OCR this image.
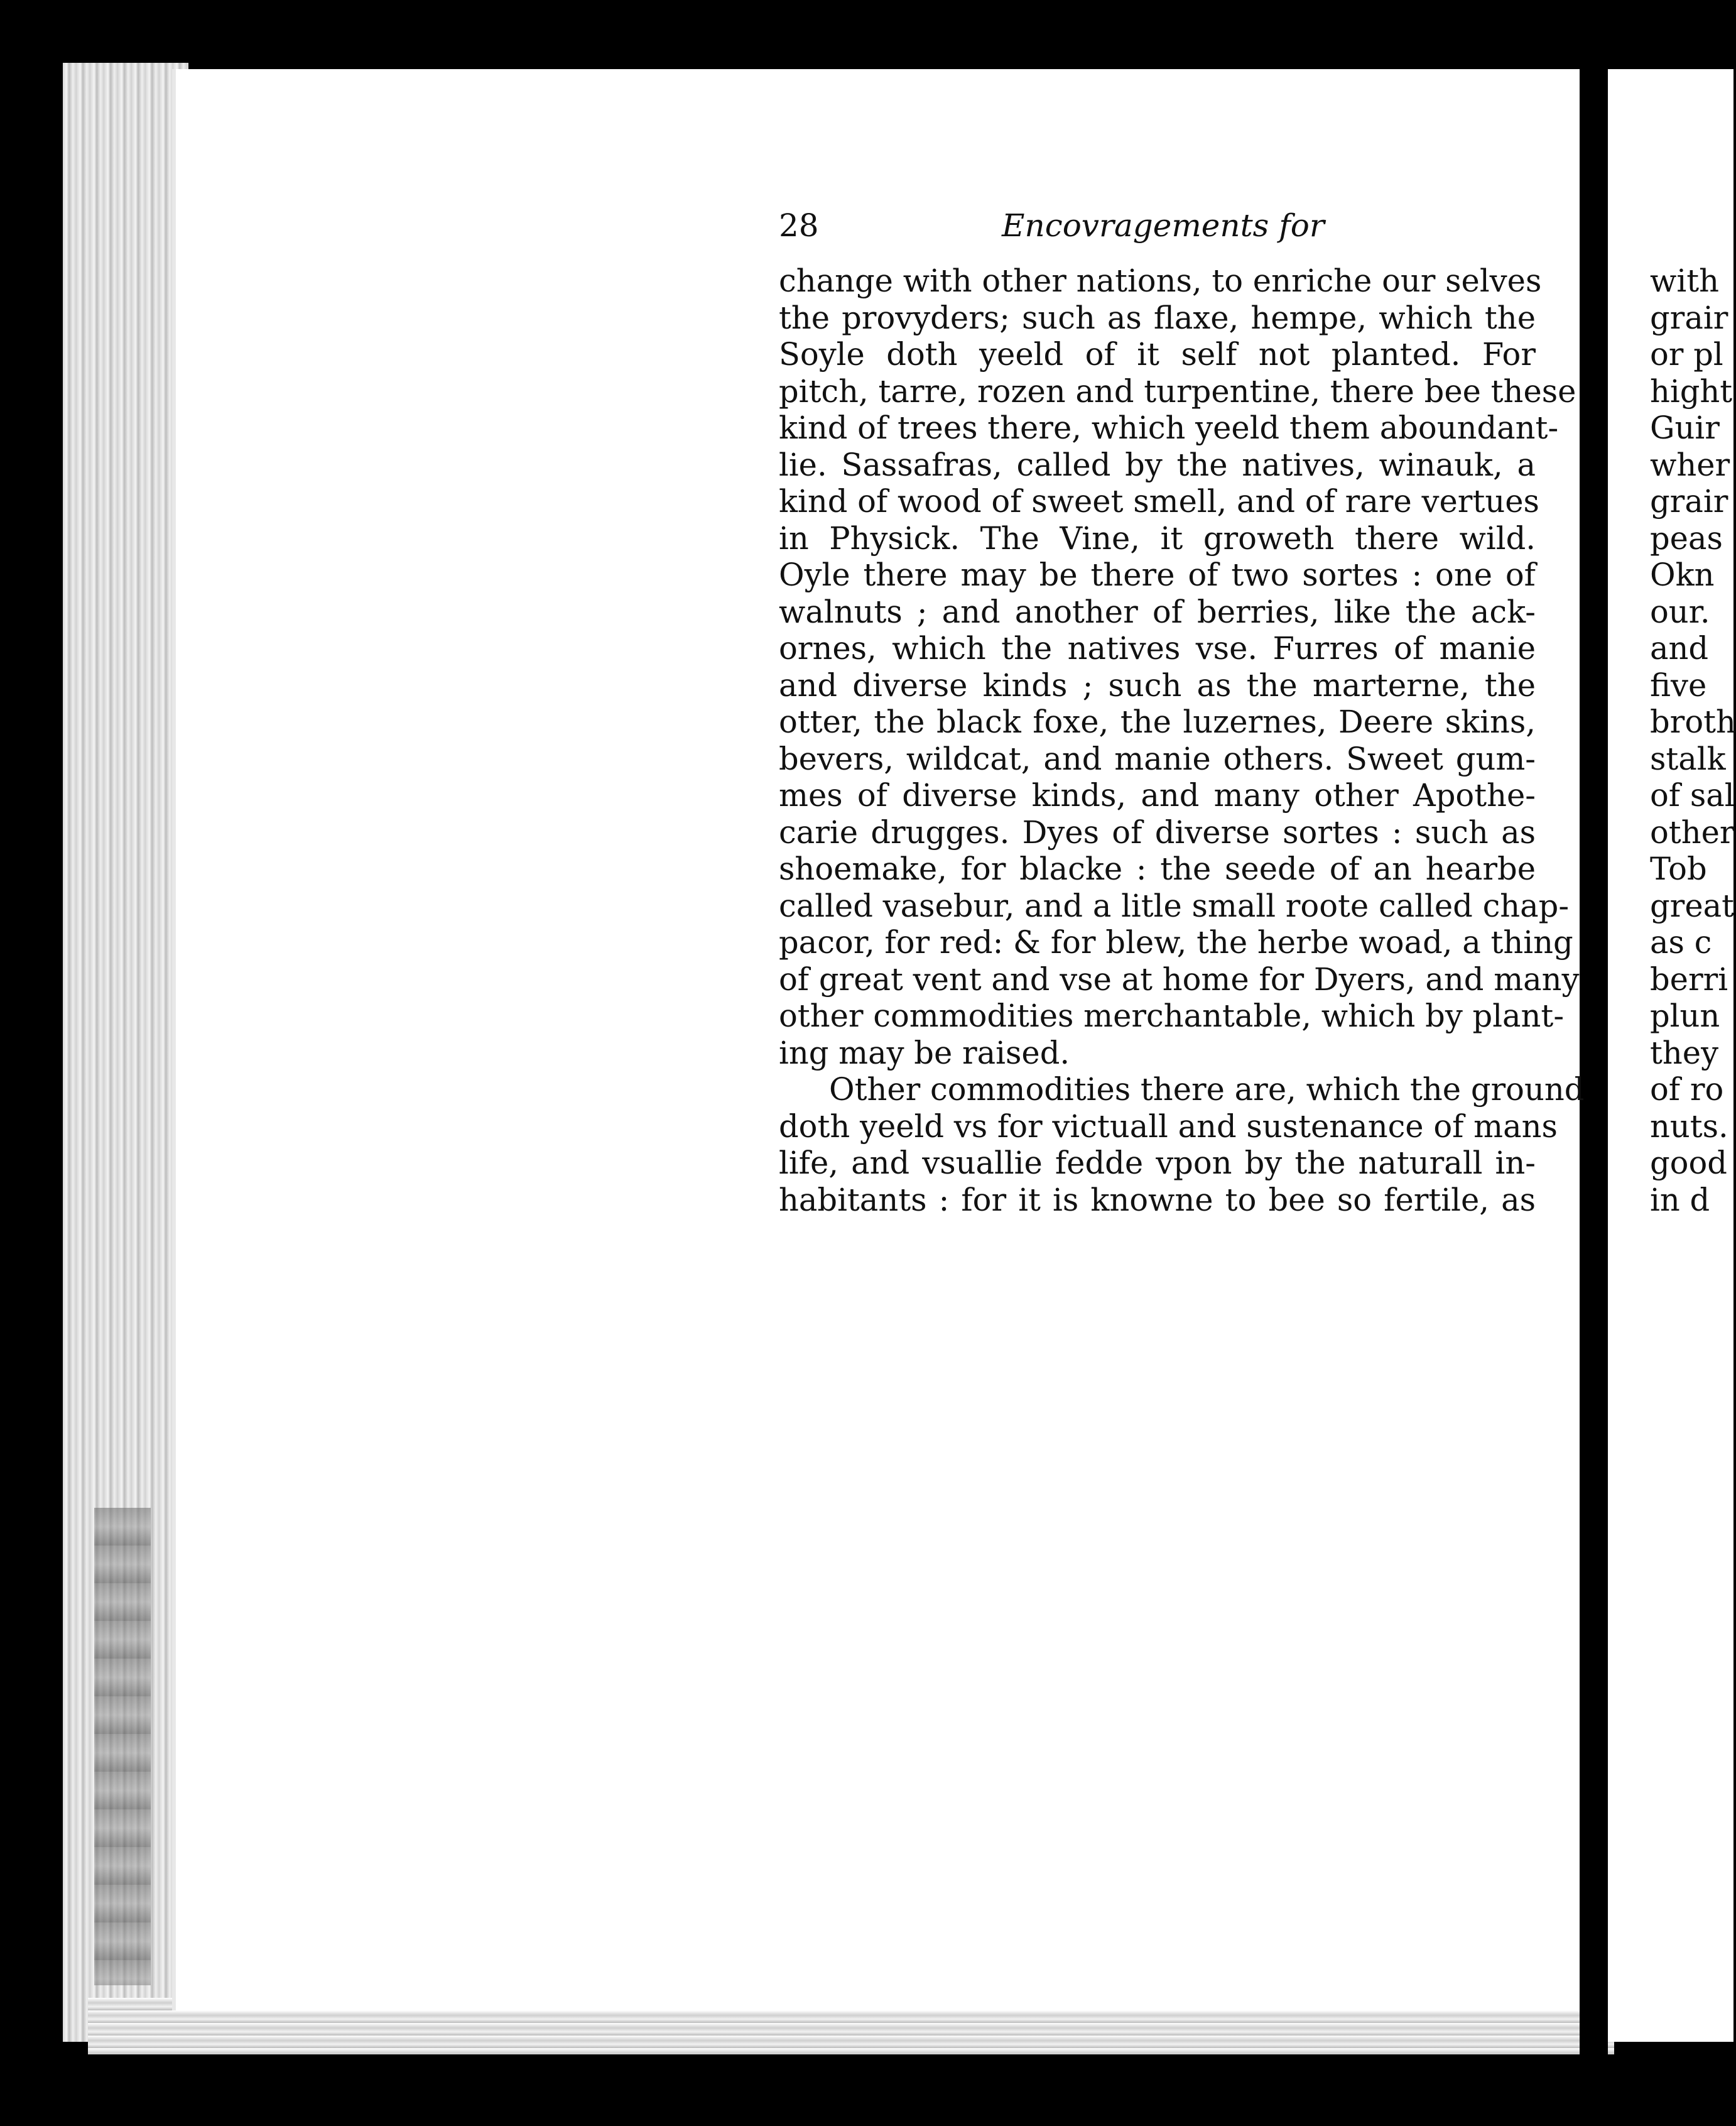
28	Encovragements for
change with other nations, to enriche our selves
the provyders; such as flaxe, hempe, which the
Soyle doth yeeld of it self not planted. For
pitch, tarre, rozen and turpentine, there bee these
kind of trees there, which yeeld them aboundant-
lie. Sassafras, called by the natives, winauk, a
kind of wood of sweet smell, and of rare vertues
in Physick. The Vine, it groweth there wild.
Oyle there may be there of two sortes : one of
walnuts ; and another of berries, like the ack-
ornes, which the natives vse. Furres of manie
and diverse kinds ; such as the marterne, the
otter, the black foxe, the luzernes, Deere skins,
bevers, wildcat, and manie others. Sweet gum-
mes of diverse kinds, and many other Apothe-
carie drugges. Dyes of diverse sortes : such as
shoemake, for blacke : the seede of an hearbe
called vasebur, and a litle small roote called chap-
pacor, for red: & for blew, the herbe woad, a thing
of great vent and vse at home for Dyers, and many
other commodities merchantable, which by plant-
ing may be raised.
Other commodities there are, which the ground
doth yeeld vs for victuall and sustenance of mans
life, and vsuallie fedde vpon by the naturall in-
habitants : for it is knowne to bee so fertile, as
with
grair
or pl
hight
Guir
wher
grair
peas
Okn
our.
and
five
broth
stalk
of sal
other
Tob
great
as c
berri
plun
they
of ro
nuts.
good
in d
